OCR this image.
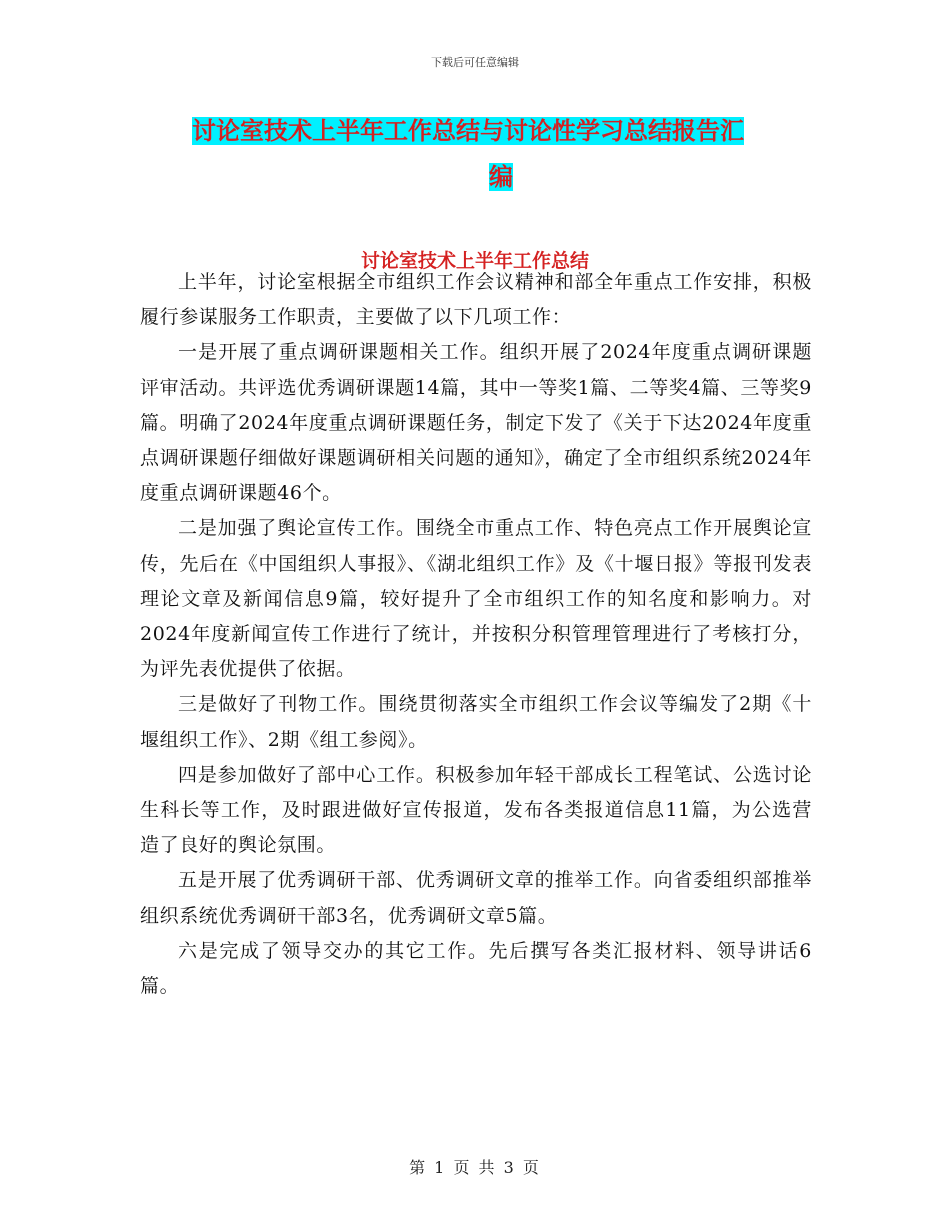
下载后可任意编辑
讨论室技术上半年工作总结与讨论性学习总结报告汇
编
讨论室技术上半年工作总结

上半年，讨论室根据全市组织工作会议精神和部全年重点工作安排，积极履行参谋服务工作职责，主要做了以下几项工作：

一是开展了重点调研课题相关工作。组织开展了2024年度重点调研课题评审活动。共评选优秀调研课题14篇，其中一等奖1篇、二等奖4篇、三等奖9篇。明确了2024年度重点调研课题任务，制定下发了《关于下达2024年度重点调研课题仔细做好课题调研相关问题的通知》，确定了全市组织系统2024年度重点调研课题46个。

二是加强了舆论宣传工作。围绕全市重点工作、特色亮点工作开展舆论宣传，先后在《中国组织人事报》、《湖北组织工作》及《十堰日报》等报刊发表理论文章及新闻信息9篇，较好提升了全市组织工作的知名度和影响力。对2024年度新闻宣传工作进行了统计，并按积分积管理管理进行了考核打分，为评先表优提供了依据。

三是做好了刊物工作。围绕贯彻落实全市组织工作会议等编发了2期《十堰组织工作》、2期《组工参阅》。

四是参加做好了部中心工作。积极参加年轻干部成长工程笔试、公选讨论生科长等工作，及时跟进做好宣传报道，发布各类报道信息11篇，为公选营造了良好的舆论氛围。

五是开展了优秀调研干部、优秀调研文章的推举工作。向省委组织部推举组织系统优秀调研干部3名，优秀调研文章5篇。

六是完成了领导交办的其它工作。先后撰写各类汇报材料、领导讲话6篇。

第 1 页 共 3 页
